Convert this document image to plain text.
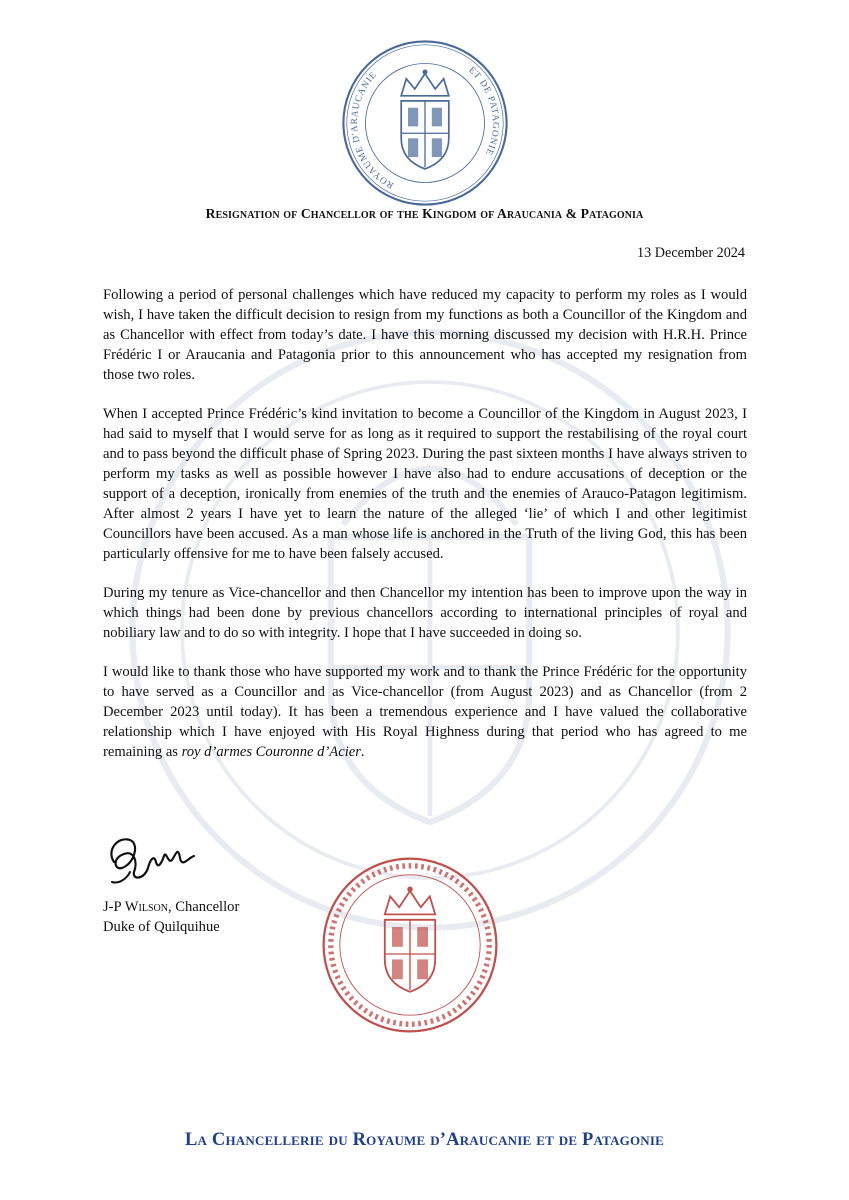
ROYAUME D'ARAUCANIE	ET DE PATAGONIE
Resignation of Chancellor of the Kingdom of Araucania & Patagonia
13 December 2024

Following a period of personal challenges which have reduced my capacity to perform my roles as I would wish, I have taken the difficult decision to resign from my functions as both a Councillor of the Kingdom and as Chancellor with effect from today’s date. I have this morning discussed my decision with H.R.H. Prince Frédéric I or Araucania and Patagonia prior to this announcement who has accepted my resignation from those two roles.

When I accepted Prince Frédéric’s kind invitation to become a Councillor of the Kingdom in August 2023, I had said to myself that I would serve for as long as it required to support the restabilising of the royal court and to pass beyond the difficult phase of Spring 2023. During the past sixteen months I have always striven to perform my tasks as well as possible however I have also had to endure accusations of deception or the support of a deception, ironically from enemies of the truth and the enemies of Arauco-Patagon legitimism. After almost 2 years I have yet to learn the nature of the alleged ‘lie’ of which I and other legitimist Councillors have been accused. As a man whose life is anchored in the Truth of the living God, this has been particularly offensive for me to have been falsely accused.

During my tenure as Vice-chancellor and then Chancellor my intention has been to improve upon the way in which things had been done by previous chancellors according to international principles of royal and nobiliary law and to do so with integrity. I hope that I have succeeded in doing so.

I would like to thank those who have supported my work and to thank the Prince Frédéric for the opportunity to have served as a Councillor and as Vice-chancellor (from August 2023) and as Chancellor (from 2 December 2023 until today). It has been a tremendous experience and I have valued the collaborative relationship which I have enjoyed with His Royal Highness during that period who has agreed to me remaining as roy d’armes Couronne d’Acier.

J-P Wilson, Chancellor
Duke of Quilquihue
La Chancellerie du Royaume d’Araucanie et de Patagonie
